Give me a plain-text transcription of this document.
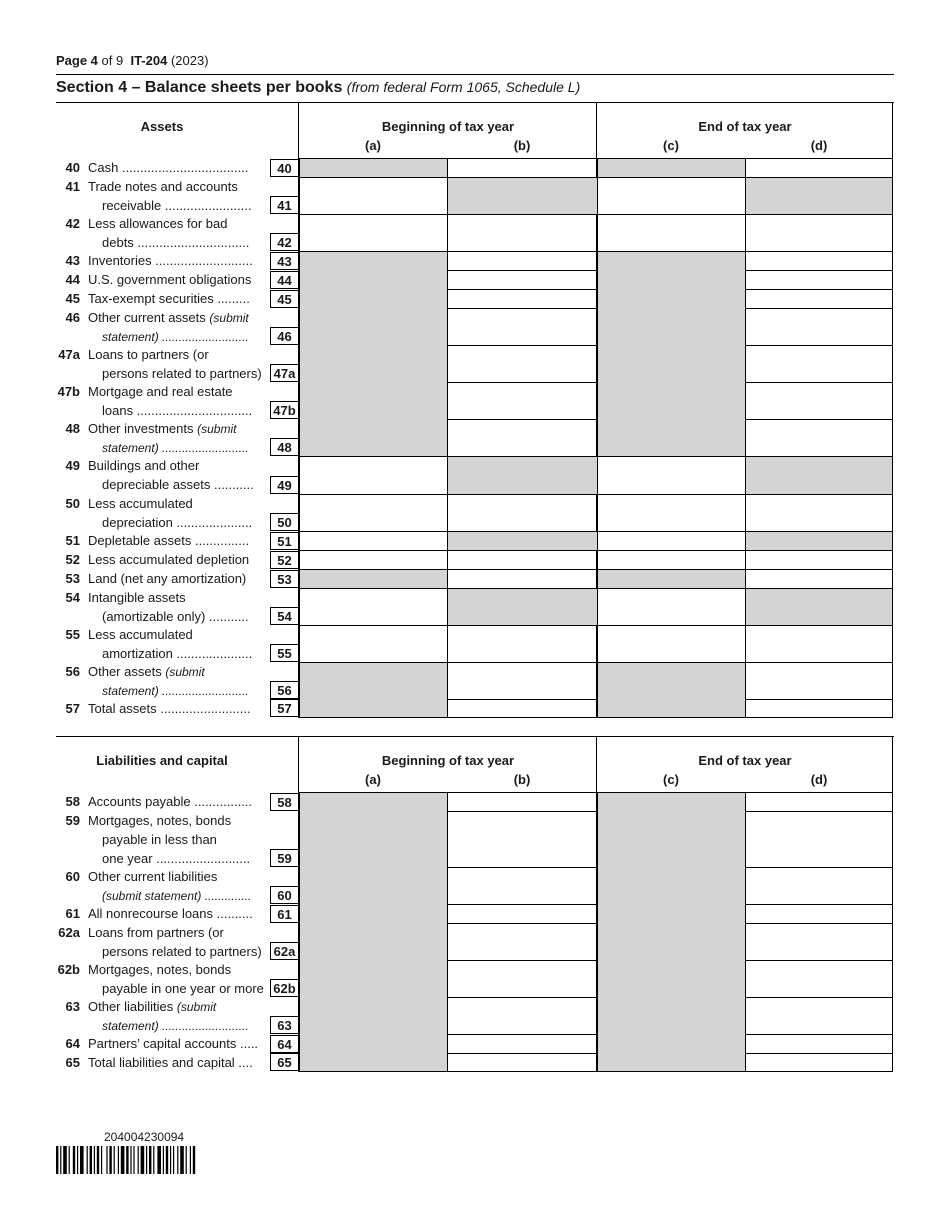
Page 4 of 9 IT-204 (2023)
Section 4 – Balance sheets per books (from federal Form 1065, Schedule L)
Assets	Beginning of tax year	End of tax year
(a)	(b)	(c)	(d)
40 Cash ...................................	40
41 Trade notes and accounts
receivable ........................	41
42 Less allowances for bad
debts ...............................	42
43 Inventories ...........................	43
44 U.S. government obligations	44
45 Tax-exempt securities .........	45
46 Other current assets (submit
statement) ..........................	46
47a Loans to partners (or
persons related to partners) 47a
47b Mortgage and real estate
loans ................................	47b
48 Other investments (submit
statement) ..........................	48
49 Buildings and other
depreciable assets ...........	49
50 Less accumulated
depreciation .....................	50
51 Depletable assets ...............	51
52 Less accumulated depletion	52
53 Land (net any amortization)	53
54 Intangible assets
(amortizable only) ...........	54
55 Less accumulated
amortization .....................	55
56 Other assets (submit
statement) ..........................	56
57 Total assets .........................	57
Liabilities and capital	Beginning of tax year	End of tax year
(a)	(b)	(c)	(d)
58 Accounts payable ................	58
59 Mortgages, notes, bonds
payable in less than
one year ..........................	59
60 Other current liabilities
(submit statement) ..............	60
61 All nonrecourse loans ..........	61
62a Loans from partners (or
persons related to partners) 62a
62b Mortgages, notes, bonds
payable in one year or more 62b
63 Other liabilities (submit
statement) ..........................	63
64 Partners’ capital accounts .....	64
65 Total liabilities and capital ....	65
204004230094
